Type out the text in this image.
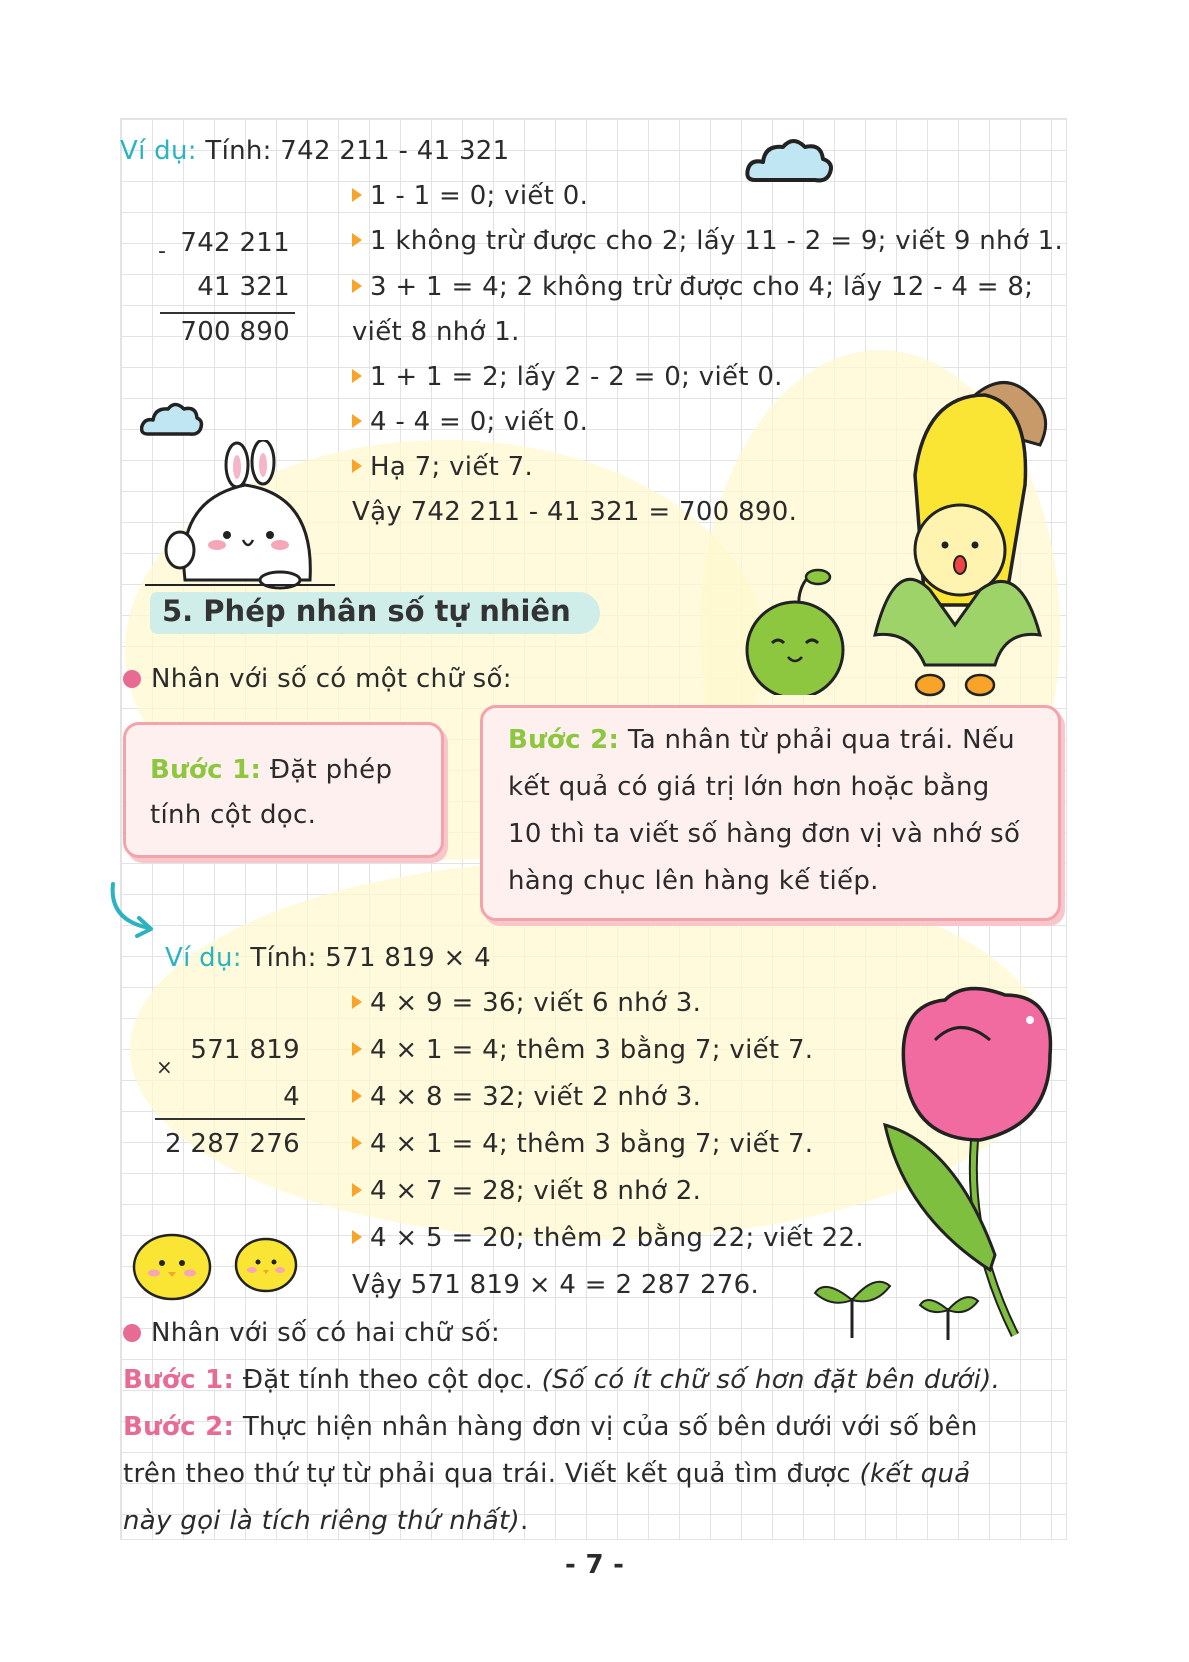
Ví dụ: Tính: 742 211 - 41 321
1 - 1 = 0; viết 0.
1 không trừ được cho 2; lấy 11 - 2 = 9; viết 9 nhớ 1.
3 + 1 = 4; 2 không trừ được cho 4; lấy 12 - 4 = 8;
viết 8 nhớ 1.
1 + 1 = 2; lấy 2 - 2 = 0; viết 0.
4 - 4 = 0; viết 0.
Hạ 7; viết 7.
Vậy 742 211 - 41 321 = 700 890.
- 742 211
41 321
700 890
5. Phép nhân số tự nhiên
Nhân với số có một chữ số:
Bước 1: Đặt phép
tính cột dọc.
Bước 2: Ta nhân từ phải qua trái. Nếu
kết quả có giá trị lớn hơn hoặc bằng
10 thì ta viết số hàng đơn vị và nhớ số
hàng chục lên hàng kế tiếp.
Ví dụ: Tính: 571 819 × 4
4 × 9 = 36; viết 6 nhớ 3.
4 × 1 = 4; thêm 3 bằng 7; viết 7.
4 × 8 = 32; viết 2 nhớ 3.
4 × 1 = 4; thêm 3 bằng 7; viết 7.
4 × 7 = 28; viết 8 nhớ 2.
4 × 5 = 20; thêm 2 bằng 22; viết 22.
Vậy 571 819 × 4 = 2 287 276.
×
571 819
4
2 287 276
Nhân với số có hai chữ số:
Bước 1: Đặt tính theo cột dọc. (Số có ít chữ số hơn đặt bên dưới).
Bước 2: Thực hiện nhân hàng đơn vị của số bên dưới với số bên
trên theo thứ tự từ phải qua trái. Viết kết quả tìm được (kết quả
này gọi là tích riêng thứ nhất).
- 7 -
